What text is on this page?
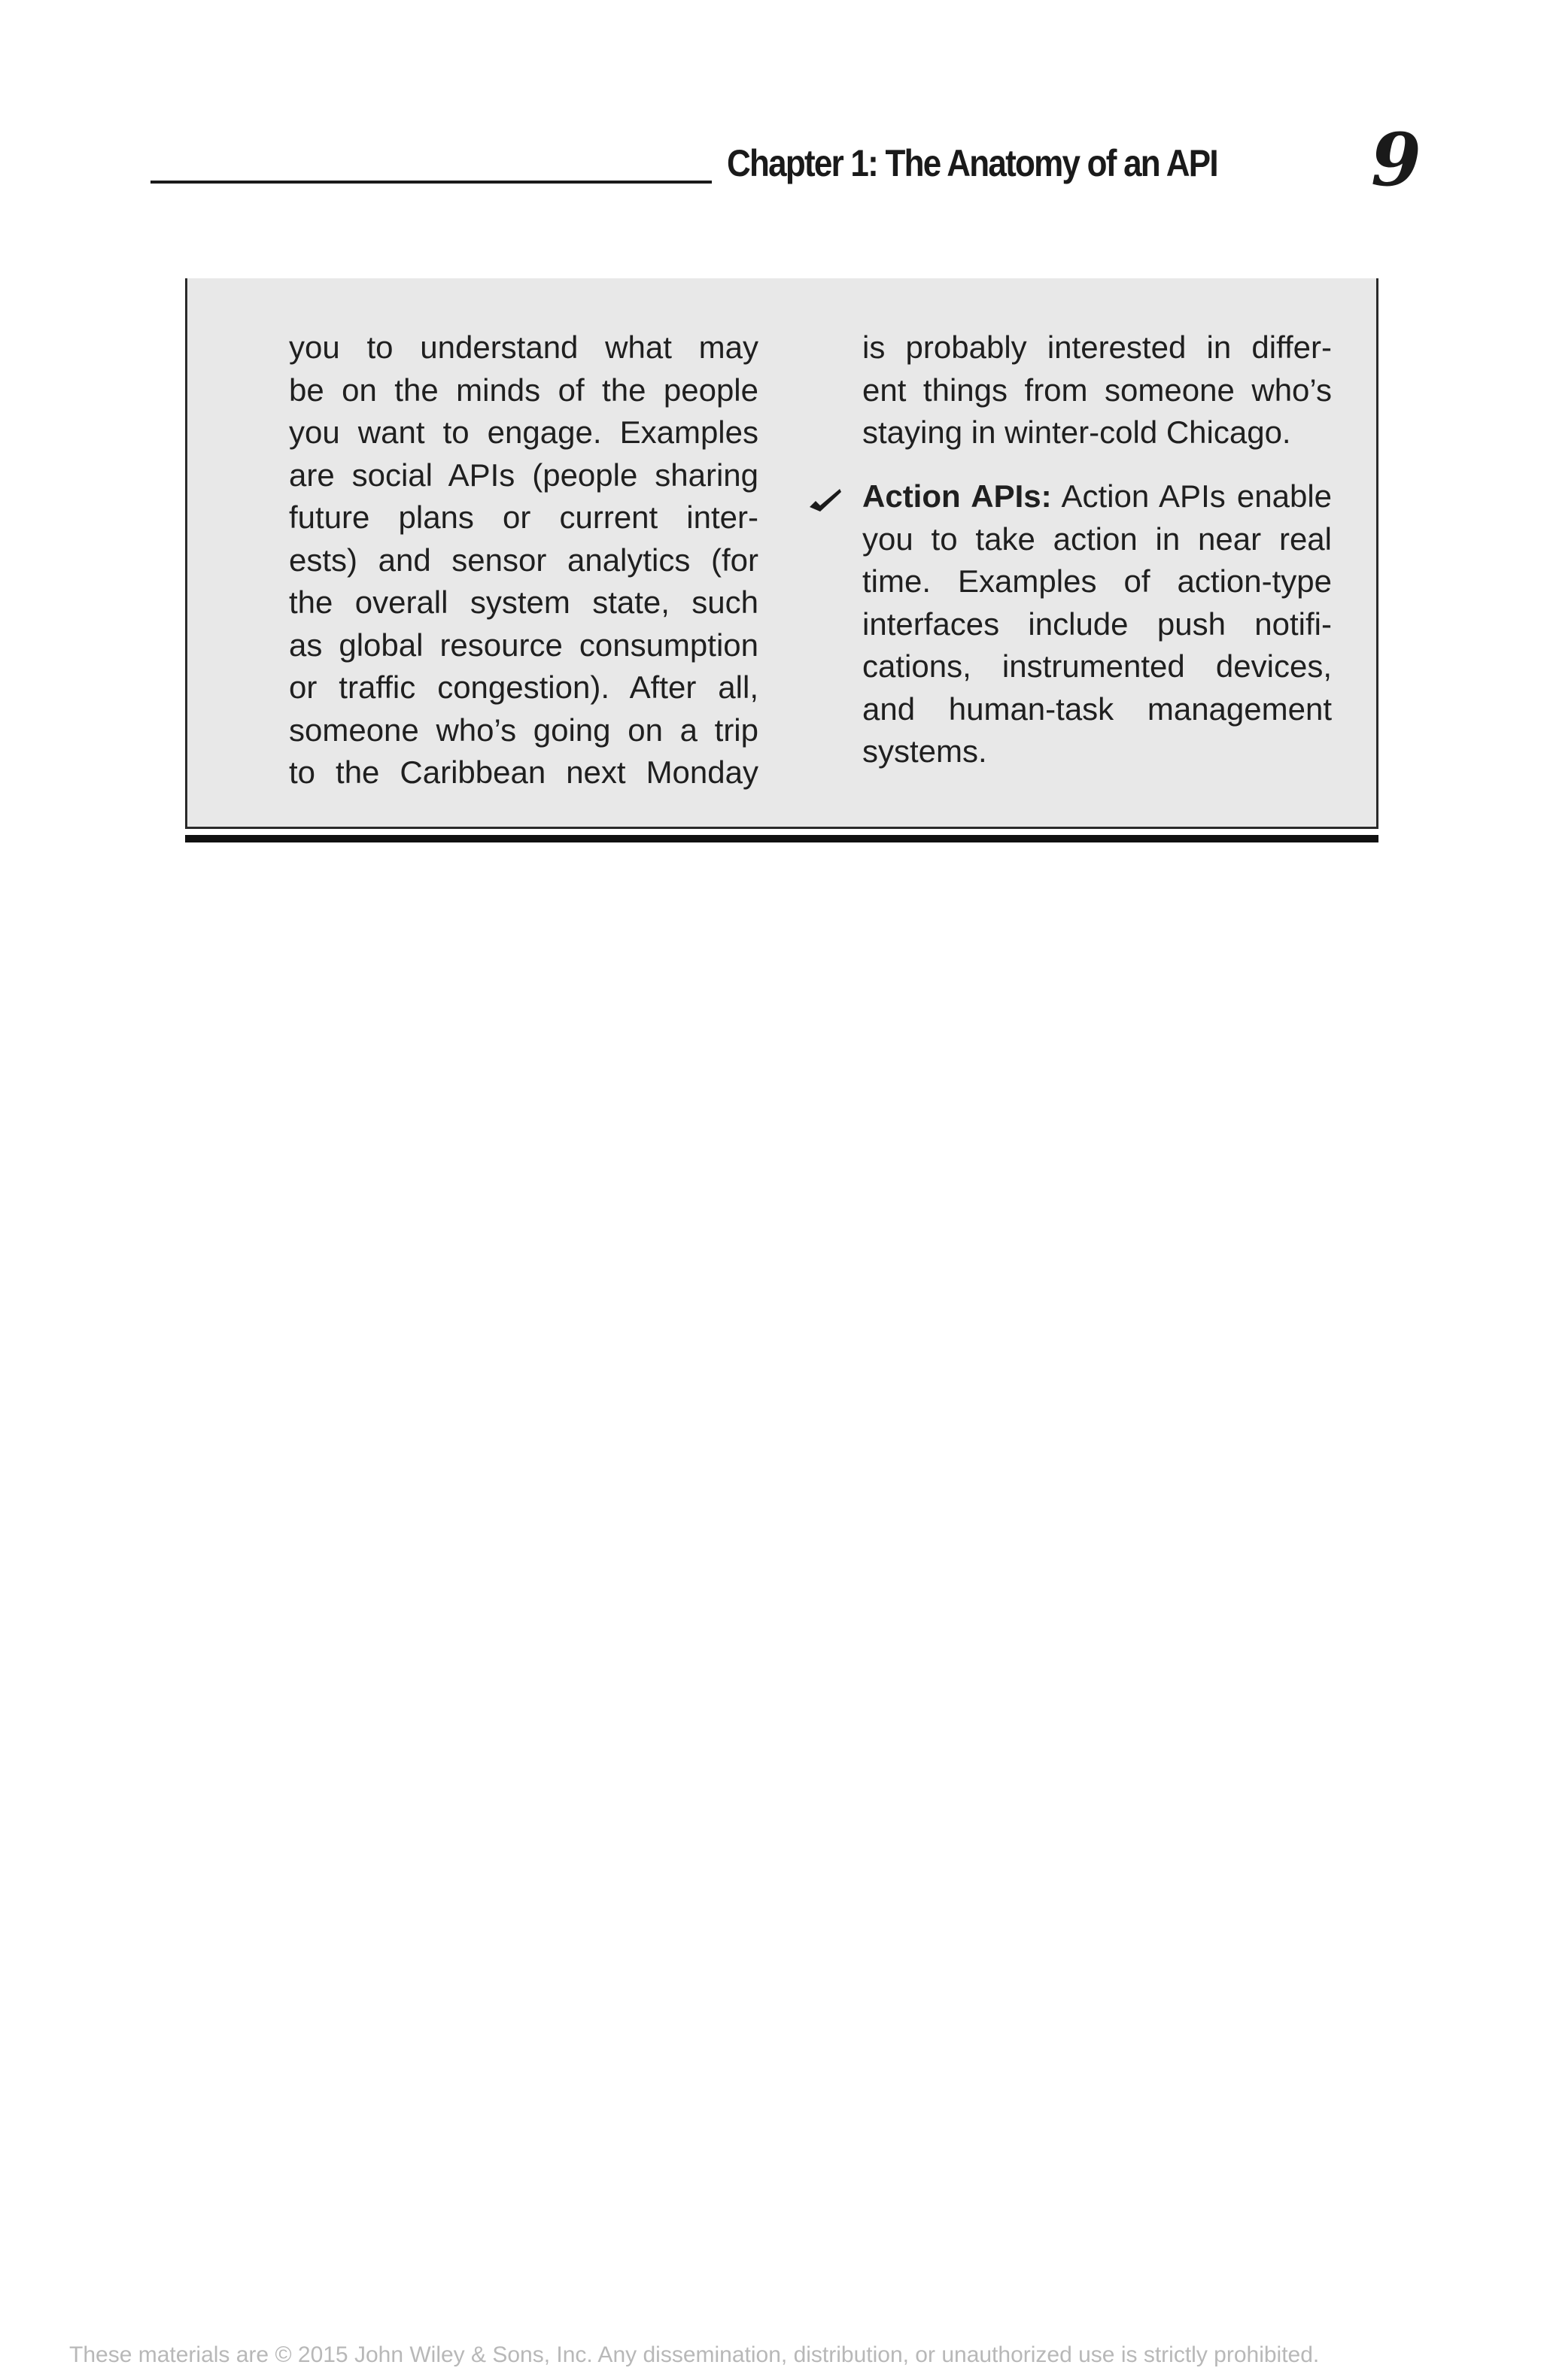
Chapter 1: The Anatomy of an API 9
you to understand what may
be on the minds of the people
you want to engage. Examples
are social APIs (people sharing
future plans or current inter-
ests) and sensor analytics (for
the overall system state, such
as global resource consumption
or traffic congestion). After all,
someone who’s going on a trip
to the Caribbean next Monday
is probably interested in differ-
ent things from someone who’s
staying in winter-cold Chicago.
Action APIs: Action APIs enable
you to take action in near real
time. Examples of action-type
interfaces include push notifi-
cations, instrumented devices,
and human-task management
systems.
These materials are © 2015 John Wiley & Sons, Inc. Any dissemination, distribution, or unauthorized use is strictly prohibited.
